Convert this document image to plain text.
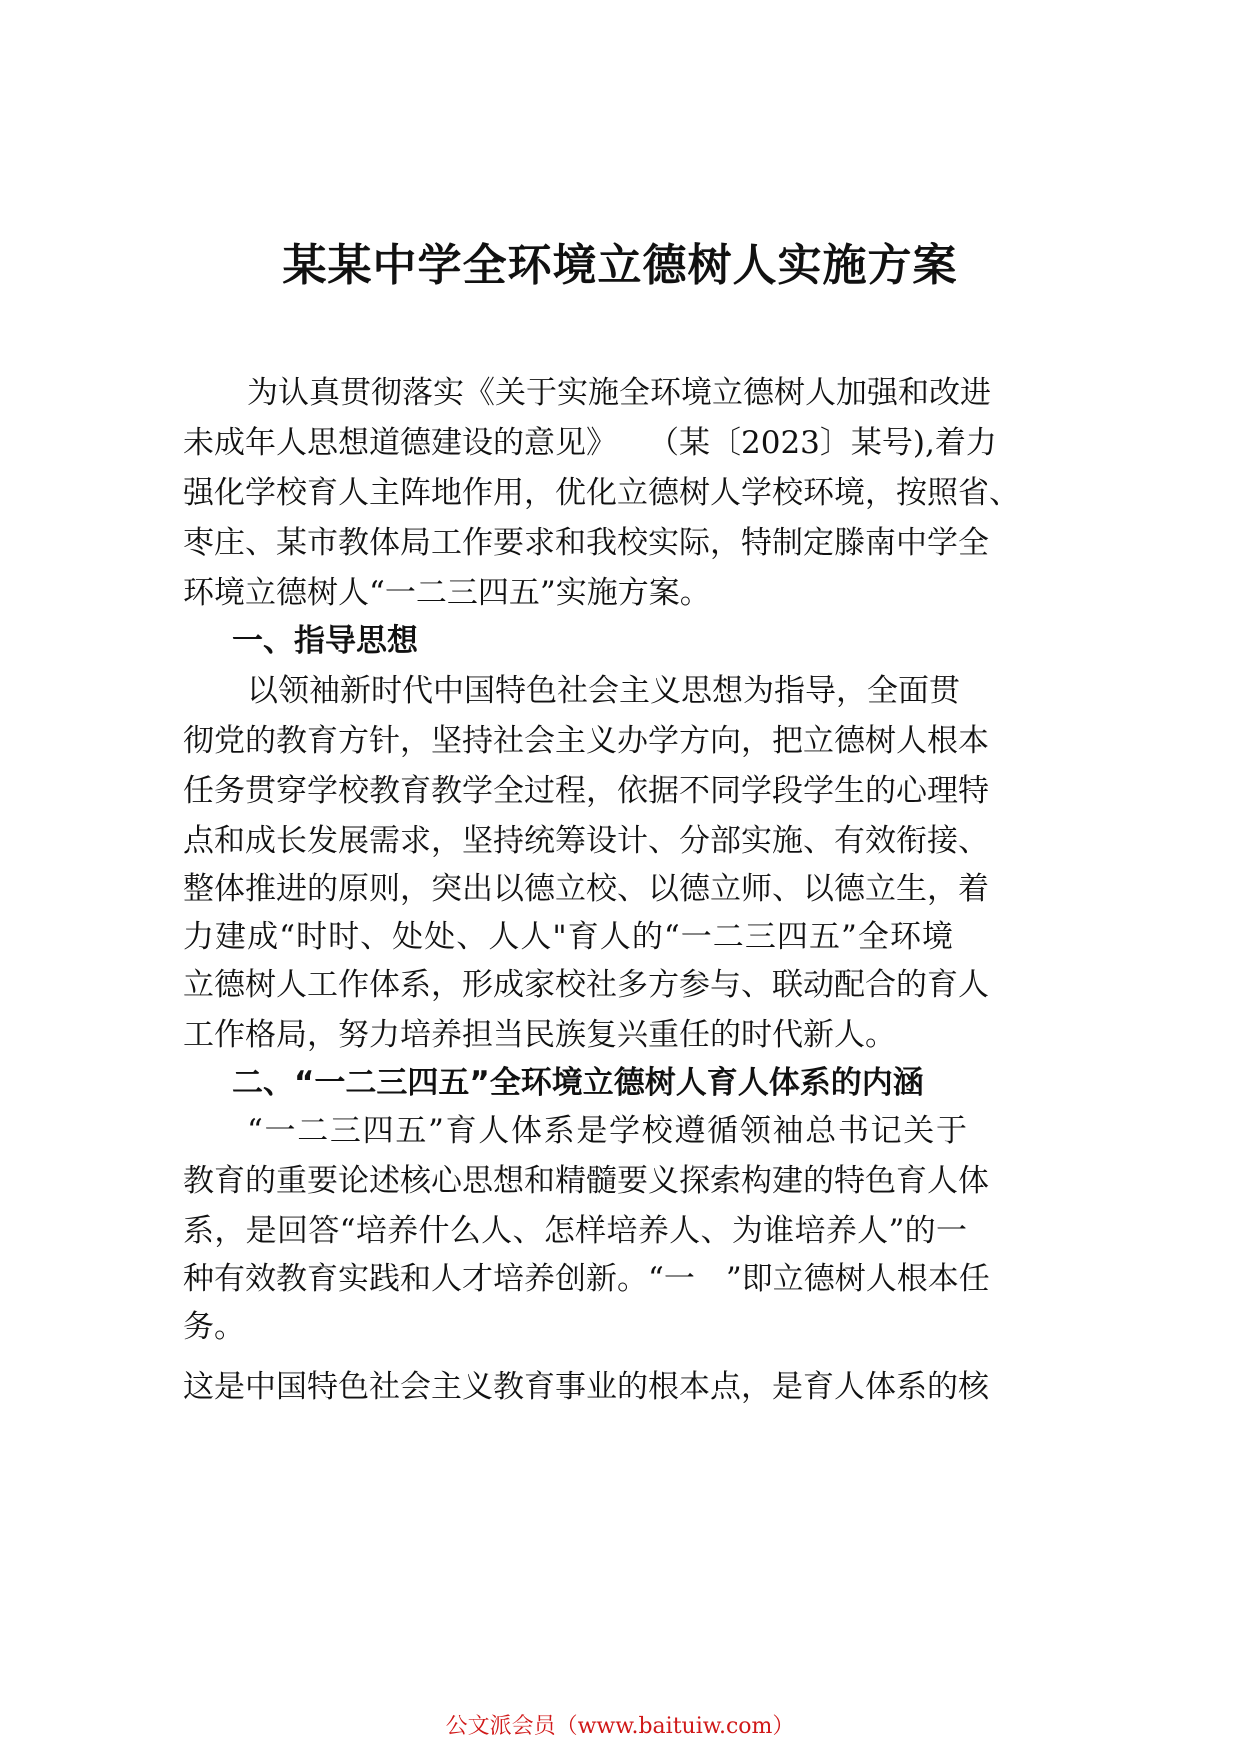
某某中学全环境立德树人实施方案

为认真贯彻落实《关于实施全环境立德树人加强和改进

未成年人思想道德建设的意见》　　（某〔2023〕某号),着力

强化学校育人主阵地作用，优化立德树人学校环境，按照省、

枣庄、某市教体局工作要求和我校实际，特制定滕南中学全

环境立德树人“一二三四五”实施方案。

一、指导思想

以领袖新时代中国特色社会主义思想为指导，全面贯

彻党的教育方针，坚持社会主义办学方向，把立德树人根本

任务贯穿学校教育教学全过程，依据不同学段学生的心理特

点和成长发展需求，坚持统筹设计、分部实施、有效衔接、

整体推进的原则，突出以德立校、以德立师、以德立生，着

力建成“时时、处处、人人"育人的“一二三四五”全环境

立德树人工作体系，形成家校社多方参与、联动配合的育人

工作格局，努力培养担当民族复兴重任的时代新人。

二、“一二三四五”全环境立德树人育人体系的内涵

“一二三四五”育人体系是学校遵循领袖总书记关于

教育的重要论述核心思想和精髓要义探索构建的特色育人体

系，是回答“培养什么人、怎样培养人、为谁培养人”的一

种有效教育实践和人才培养创新。“一　”即立德树人根本任

务。

这是中国特色社会主义教育事业的根本点，是育人体系的核

公文派会员（www.baituiw.com）
